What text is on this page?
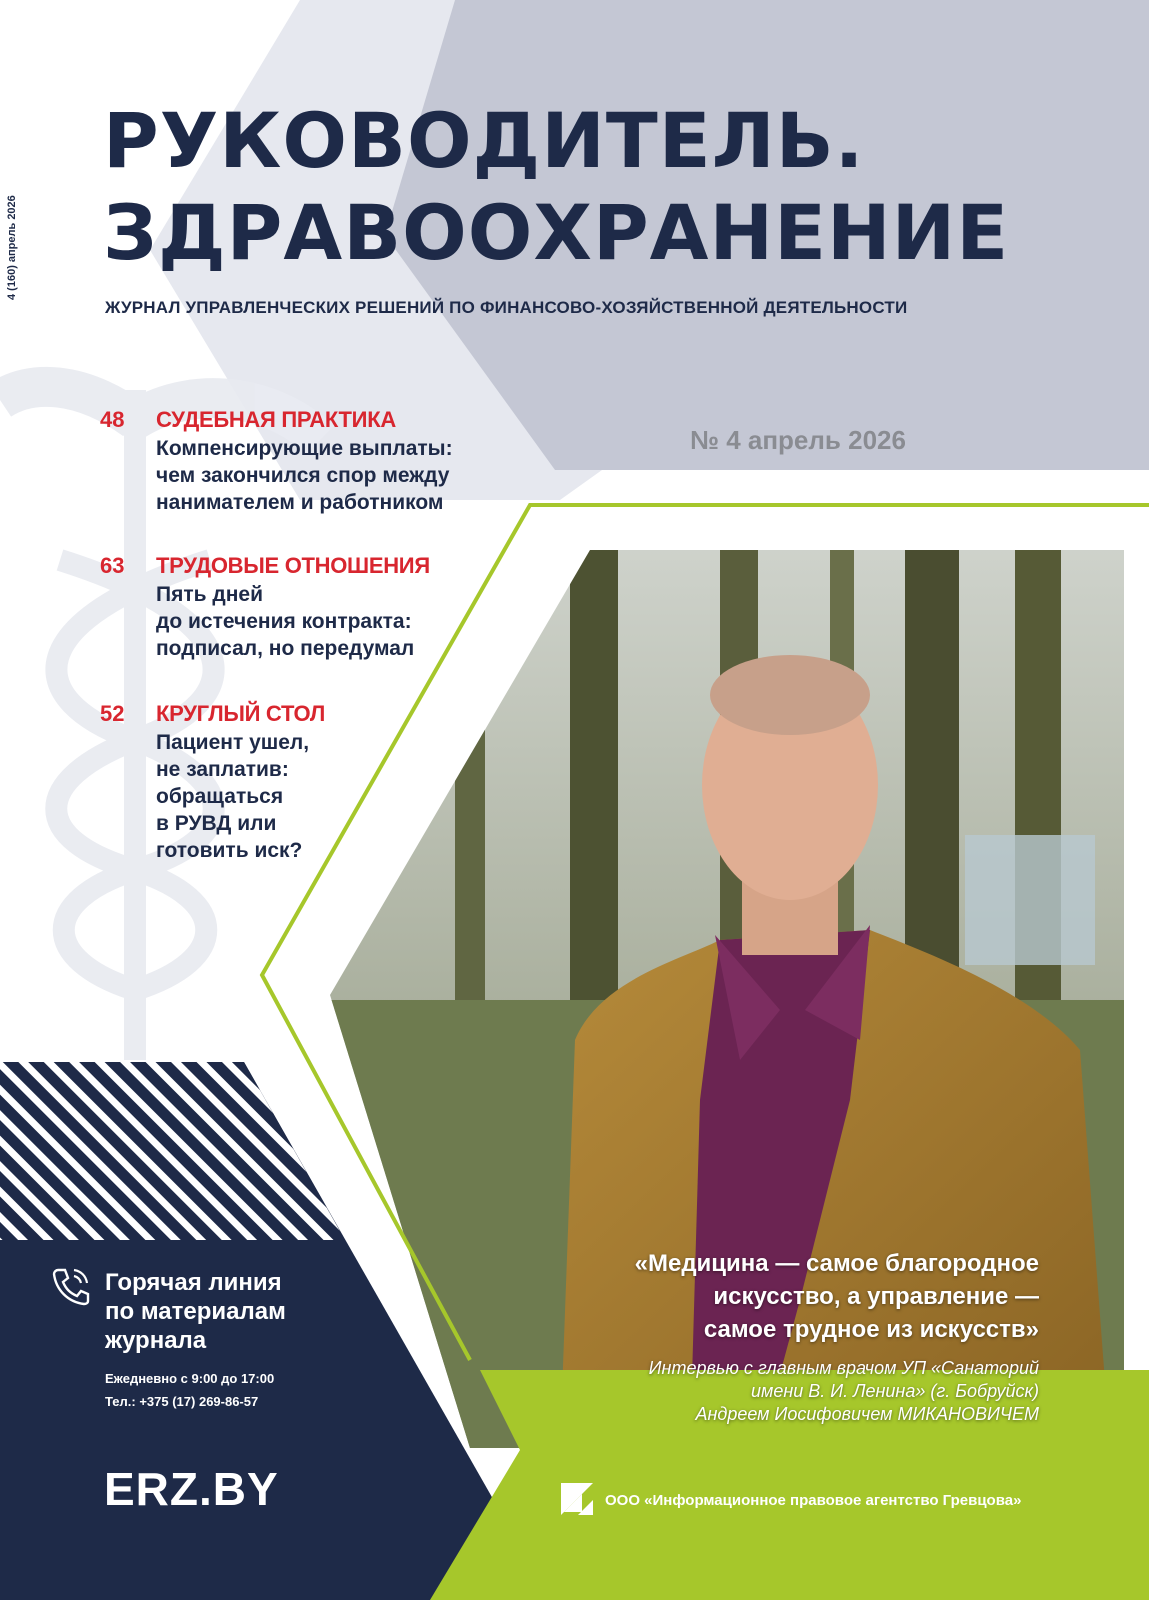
4 (160) апрель 2026
РУКОВОДИТЕЛЬ.
ЗДРАВООХРАНЕНИЕ
ЖУРНАЛ УПРАВЛЕНЧЕСКИХ РЕШЕНИЙ ПО ФИНАНСОВО-ХОЗЯЙСТВЕННОЙ ДЕЯТЕЛЬНОСТИ
№ 4 апрель 2026
48 СУДЕБНАЯ ПРАКТИКА
Компенсирующие выплаты:
чем закончился спор между
нанимателем и работником
63 ТРУДОВЫЕ ОТНОШЕНИЯ
Пять дней
до истечения контракта:
подписал, но передумал
52 КРУГЛЫЙ СТОЛ
Пациент ушел,
не заплатив:
обращаться
в РУВД или
готовить иск?
Горячая линия
по материалам
журнала
Ежедневно с 9:00 до 17:00
Тел.: +375 (17) 269-86-57
ERZ.BY
«Медицина — самое благородное
искусство, а управление —
самое трудное из искусств»
Интервью с главным врачом УП «Санаторий
имени В. И. Ленина» (г. Бобруйск)
Андреем Иосифовичем МИКАНОВИЧЕМ
ООО «Информационное правовое агентство Гревцова»
